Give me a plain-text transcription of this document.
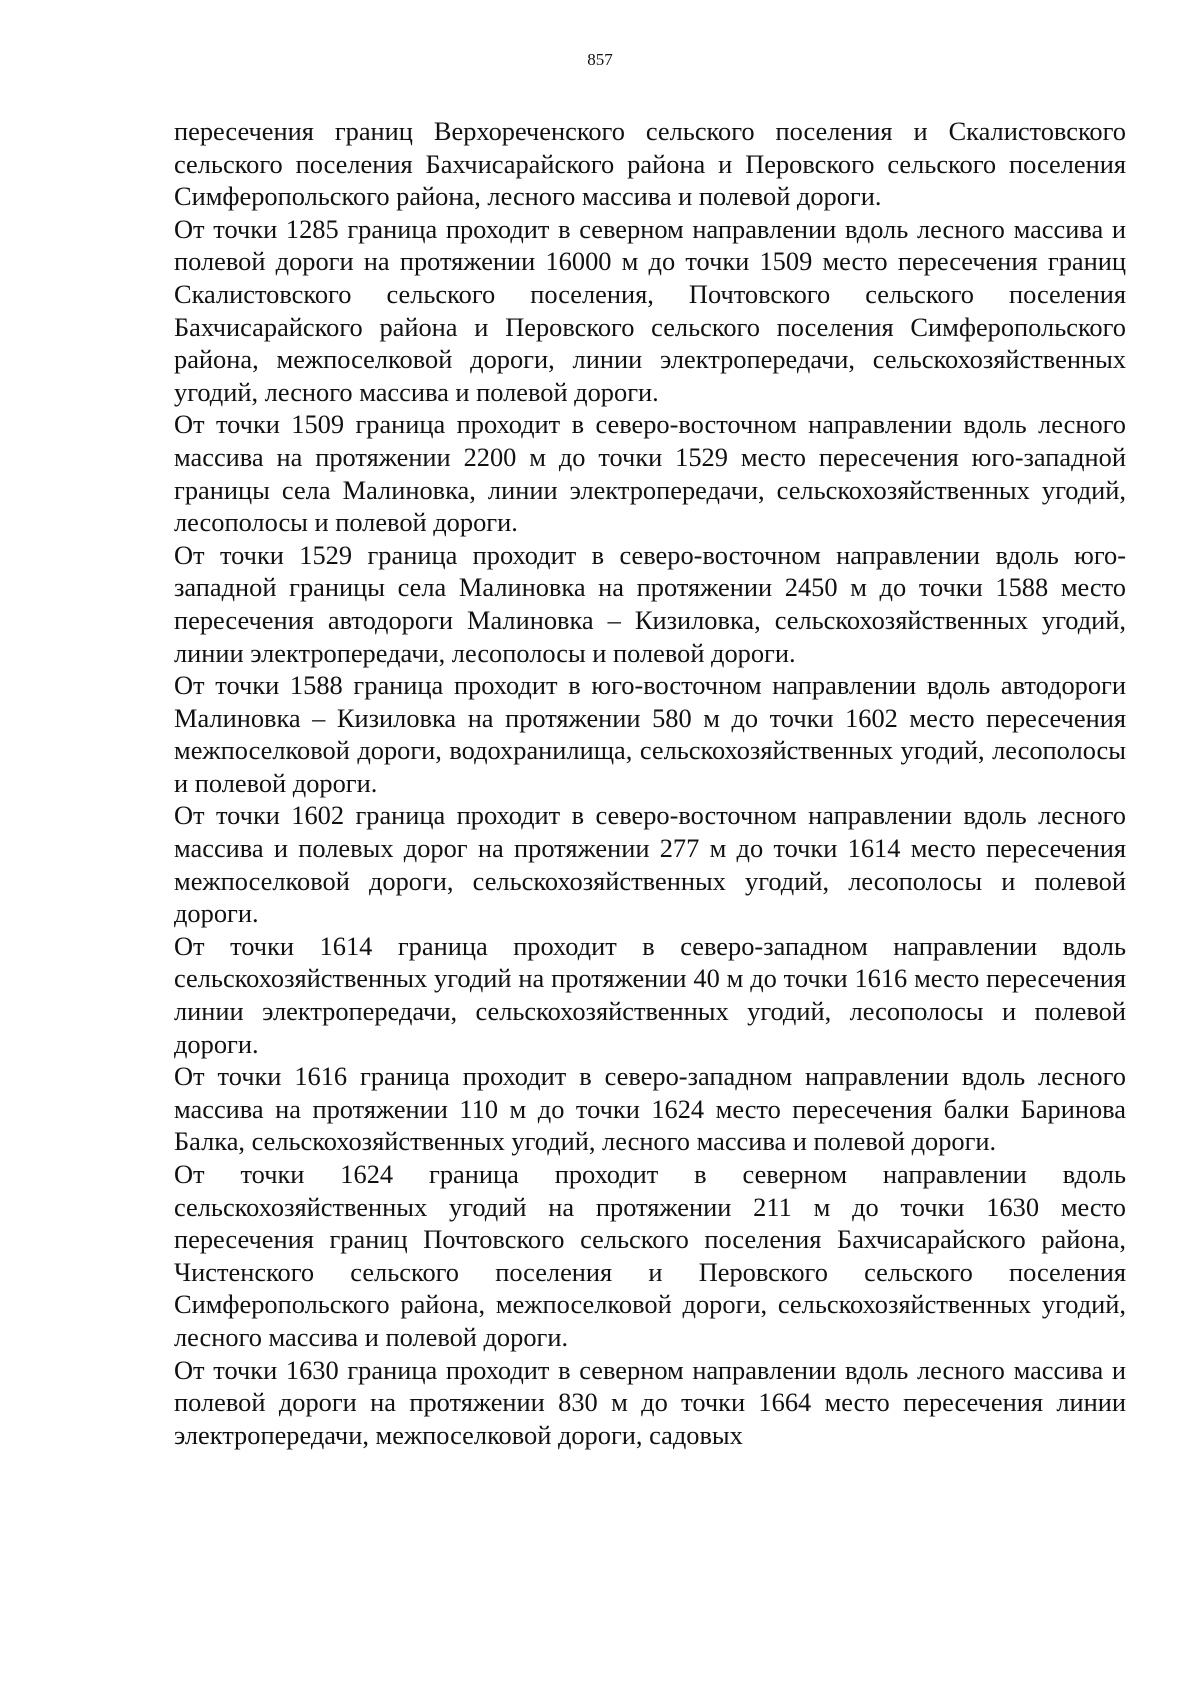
857

пересечения границ Верхореченского сельского поселения и Скалистовского сельского поселения Бахчисарайского района и Перовского сельского поселения Симферопольского района, лесного массива и полевой дороги.

От точки 1285 граница проходит в северном направлении вдоль лесного массива и полевой дороги на протяжении 16000 м до точки 1509 место пересечения границ Скалистовского сельского поселения, Почтовского сельского поселения Бахчисарайского района и Перовского сельского поселения Симферопольского района, межпоселковой дороги, линии электропередачи, сельскохозяйственных угодий, лесного массива и полевой дороги.

От точки 1509 граница проходит в северо-восточном направлении вдоль лесного массива на протяжении 2200 м до точки 1529 место пересечения юго-западной границы села Малиновка, линии электропередачи, сельскохозяйственных угодий, лесополосы и полевой дороги.

От точки 1529 граница проходит в северо-восточном направлении вдоль юго-западной границы села Малиновка на протяжении 2450 м до точки 1588 место пересечения автодороги Малиновка – Кизиловка, сельскохозяйственных угодий, линии электропередачи, лесополосы и полевой дороги.

От точки 1588 граница проходит в юго-восточном направлении вдоль автодороги Малиновка – Кизиловка на протяжении 580 м до точки 1602 место пересечения межпоселковой дороги, водохранилища, сельскохозяйственных угодий, лесополосы и полевой дороги.

От точки 1602 граница проходит в северо-восточном направлении вдоль лесного массива и полевых дорог на протяжении 277 м до точки 1614 место пересечения межпоселковой дороги, сельскохозяйственных угодий, лесополосы и полевой дороги.

От точки 1614 граница проходит в северо-западном направлении вдоль сельскохозяйственных угодий на протяжении 40 м до точки 1616 место пересечения линии электропередачи, сельскохозяйственных угодий, лесополосы и полевой дороги.

От точки 1616 граница проходит в северо-западном направлении вдоль лесного массива на протяжении 110 м до точки 1624 место пересечения балки Баринова Балка, сельскохозяйственных угодий, лесного массива и полевой дороги.

От точки 1624 граница проходит в северном направлении вдоль сельскохозяйственных угодий на протяжении 211 м до точки 1630 место пересечения границ Почтовского сельского поселения Бахчисарайского района, Чистенского сельского поселения и Перовского сельского поселения Симферопольского района, межпоселковой дороги, сельскохозяйственных угодий, лесного массива и полевой дороги.

От точки 1630 граница проходит в северном направлении вдоль лесного массива и полевой дороги на протяжении 830 м до точки 1664 место пересечения линии электропередачи, межпоселковой дороги, садовых
